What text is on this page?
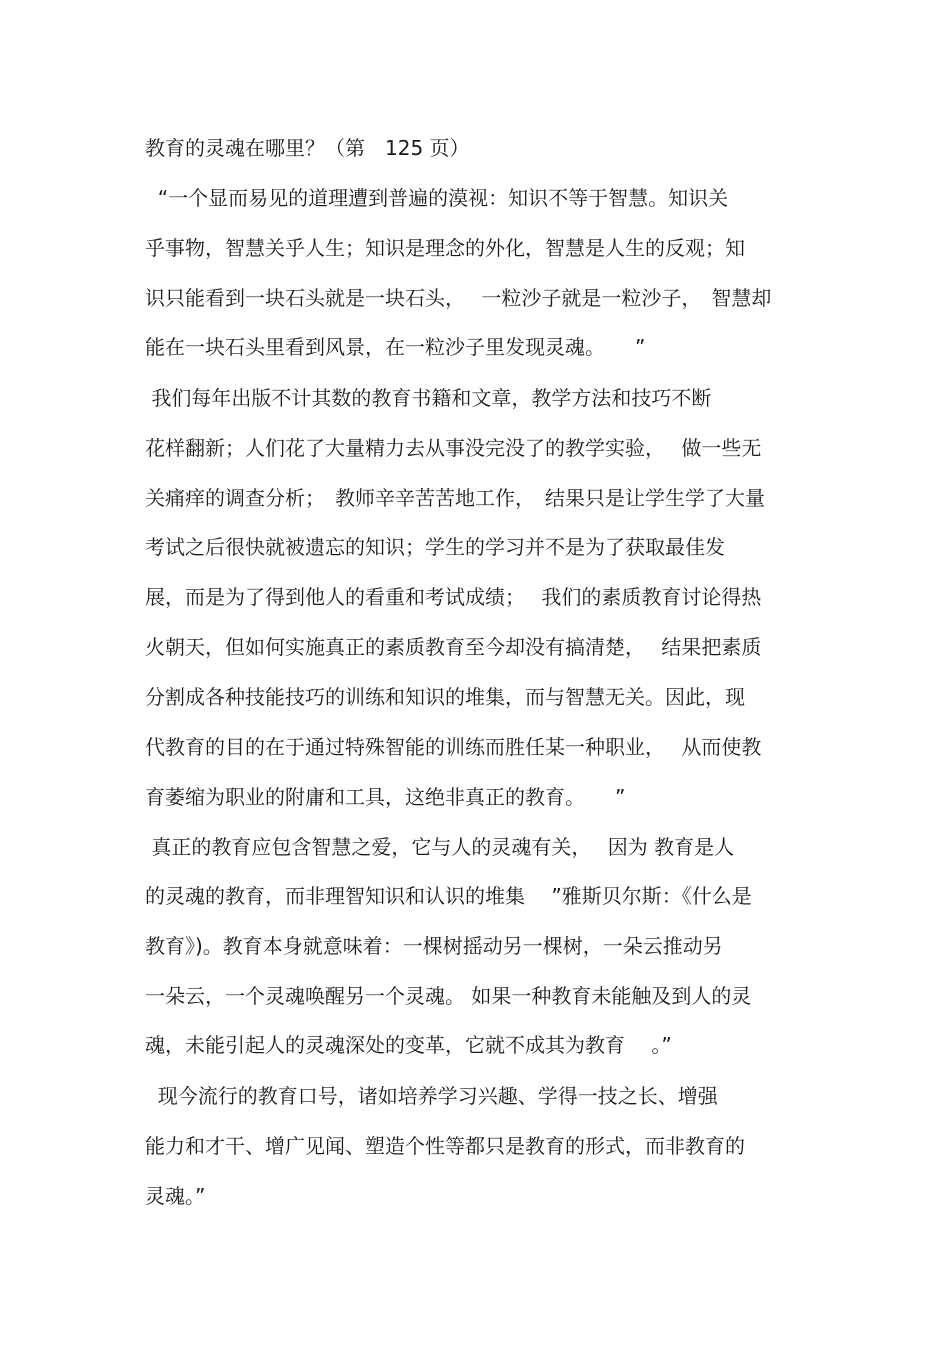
教育的灵魂在哪里？（第　125 页）
“一个显而易见的道理遭到普遍的漠视：知识不等于智慧。知识关
乎事物，智慧关乎人生；知识是理念的外化，智慧是人生的反观；知
识只能看到一块石头就是一块石头，　 一粒沙子就是一粒沙子，　智慧却
能在一块石头里看到风景，在一粒沙子里发现灵魂。　　”
我们每年出版不计其数的教育书籍和文章，教学方法和技巧不断
花样翻新；人们花了大量精力去从事没完没了的教学实验，　 做一些无
关痛痒的调查分析；　教师辛辛苦苦地工作，　结果只是让学生学了大量
考试之后很快就被遗忘的知识；学生的学习并不是为了获取最佳发
展，而是为了得到他人的看重和考试成绩；　 我们的素质教育讨论得热
火朝天，但如何实施真正的素质教育至今却没有搞清楚，　 结果把素质
分割成各种技能技巧的训练和知识的堆集，而与智慧无关。因此，现
代教育的目的在于通过特殊智能的训练而胜任某一种职业，　 从而使教
育萎缩为职业的附庸和工具，这绝非真正的教育。　　”
真正的教育应包含智慧之爱，它与人的灵魂有关，　 因为 教育是人
的灵魂的教育，而非理智知识和认识的堆集　 ”雅斯贝尔斯：《什么是
教育》)。教育本身就意味着：一棵树摇动另一棵树，一朵云推动另
一朵云，一个灵魂唤醒另一个灵魂。 如果一种教育未能触及到人的灵
魂，未能引起人的灵魂深处的变革，它就不成其为教育　 。”
现今流行的教育口号，诸如培养学习兴趣、学得一技之长、增强
能力和才干、增广见闻、塑造个性等都只是教育的形式，而非教育的
灵魂。”
